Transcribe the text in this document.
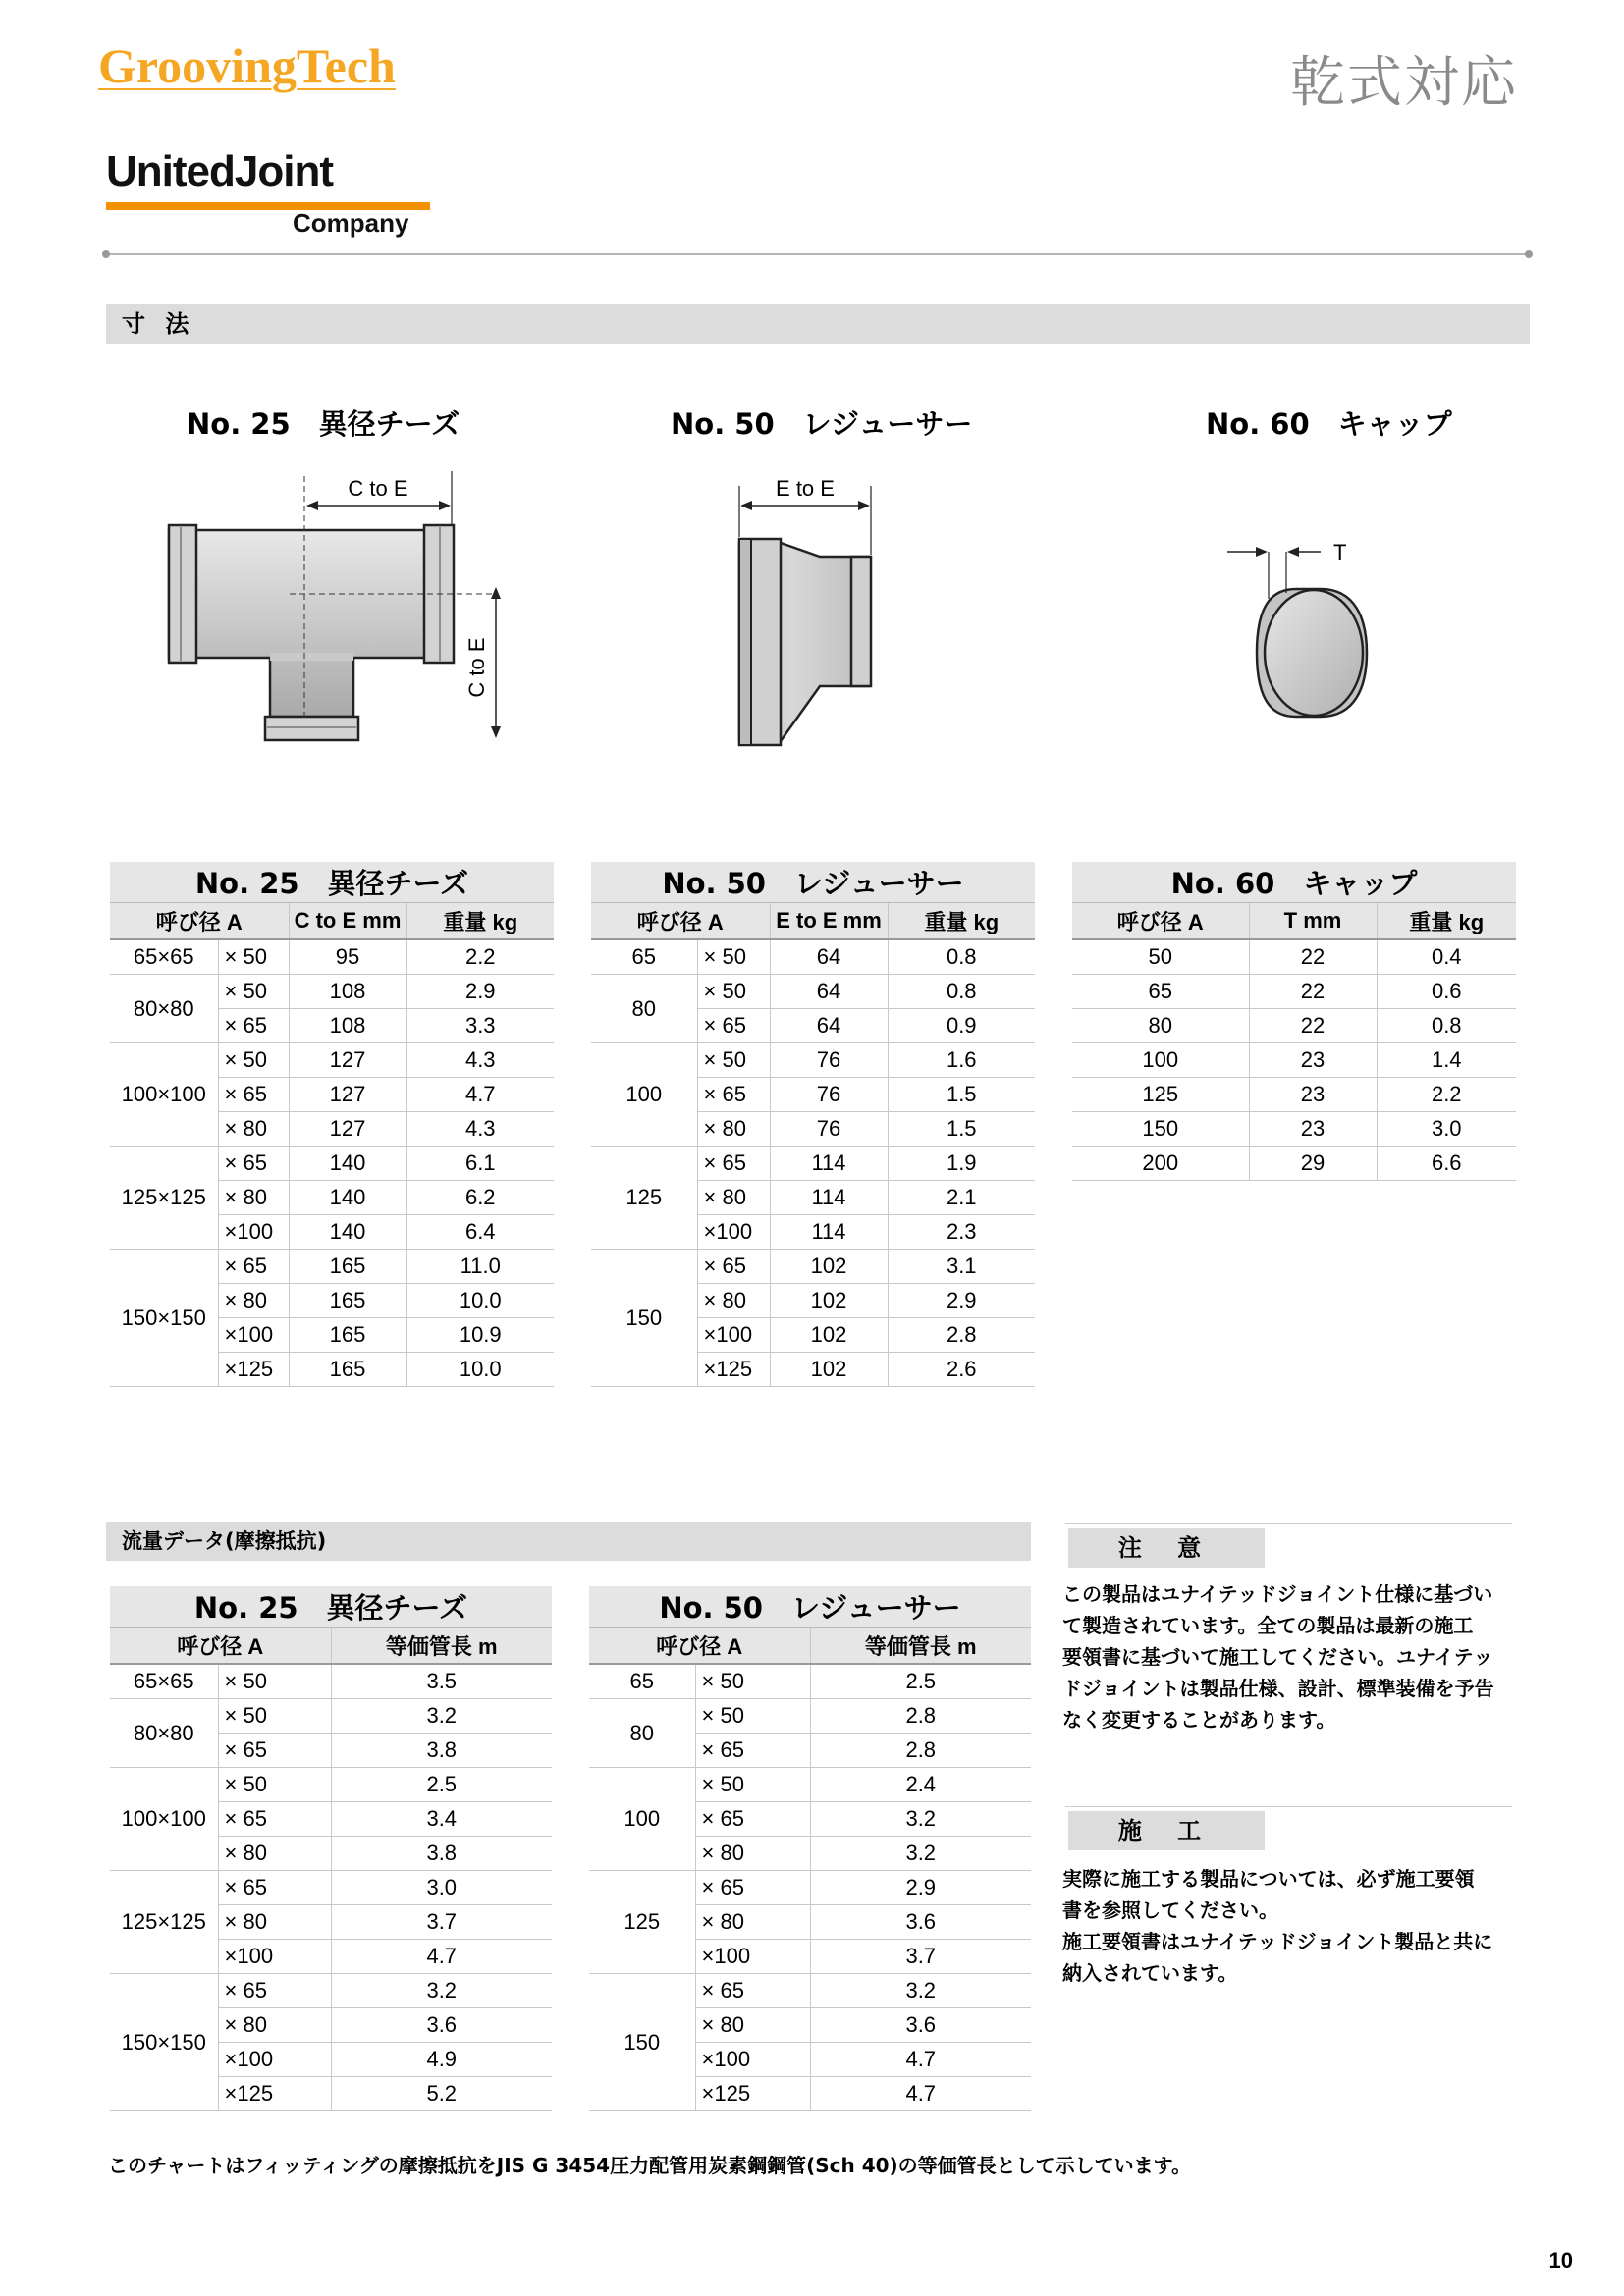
GroovingTech	乾式対応
UnitedJoint
Company
寸 法
No. 25　異径チーズ	No. 50　レジューサー	No. 60　キャップ
C to E
C to E
E to E
T
No. 25　異径チーズ			
呼び径 A		C to E mm	重量 kg
65×65	× 50	95	2.2
80×80	× 50	108	2.9
	× 65	108	3.3
100×100	× 50	127	4.3
	× 65	127	4.7
	× 80	127	4.3
125×125	× 65	140	6.1
	× 80	140	6.2
	×100	140	6.4
150×150	× 65	165	11.0
	× 80	165	10.0
	×100	165	10.9
	×125	165	10.0
No. 50　レジューサー			
呼び径 A		E to E mm	重量 kg
65	× 50	64	0.8
80	× 50	64	0.8
	× 65	64	0.9
100	× 50	76	1.6
	× 65	76	1.5
	× 80	76	1.5
125	× 65	114	1.9
	× 80	114	2.1
	×100	114	2.3
150	× 65	102	3.1
	× 80	102	2.9
	×100	102	2.8
	×125	102	2.6
No. 60　キャップ		
呼び径 A	T mm	重量 kg
50	22	0.4
65	22	0.6
80	22	0.8
100	23	1.4
125	23	2.2
150	23	3.0
200	29	6.6
流量データ(摩擦抵抗)
No. 25　異径チーズ		
呼び径 A		等価管長 m
65×65	× 50	3.5
80×80	× 50	3.2
	× 65	3.8
100×100	× 50	2.5
	× 65	3.4
	× 80	3.8
125×125	× 65	3.0
	× 80	3.7
	×100	4.7
150×150	× 65	3.2
	× 80	3.6
	×100	4.9
	×125	5.2
No. 50　レジューサー		
呼び径 A		等価管長 m
65	× 50	2.5
80	× 50	2.8
	× 65	2.8
100	× 50	2.4
	× 65	3.2
	× 80	3.2
125	× 65	2.9
	× 80	3.6
	×100	3.7
150	× 65	3.2
	× 80	3.6
	×100	4.7
	×125	4.7
注 意
この製品はユナイテッドジョイント仕様に基づい
て製造されています。全ての製品は最新の施工
要領書に基づいて施工してください。ユナイテッ
ドジョイントは製品仕様、設計、標準装備を予告
なく変更することがあります。
施 工
実際に施工する製品については、必ず施工要領
書を参照してください。
施工要領書はユナイテッドジョイント製品と共に
納入されています。
このチャートはフィッティングの摩擦抵抗をJIS G 3454圧力配管用炭素鋼鋼管(Sch 40)の等価管長として示しています。
10
